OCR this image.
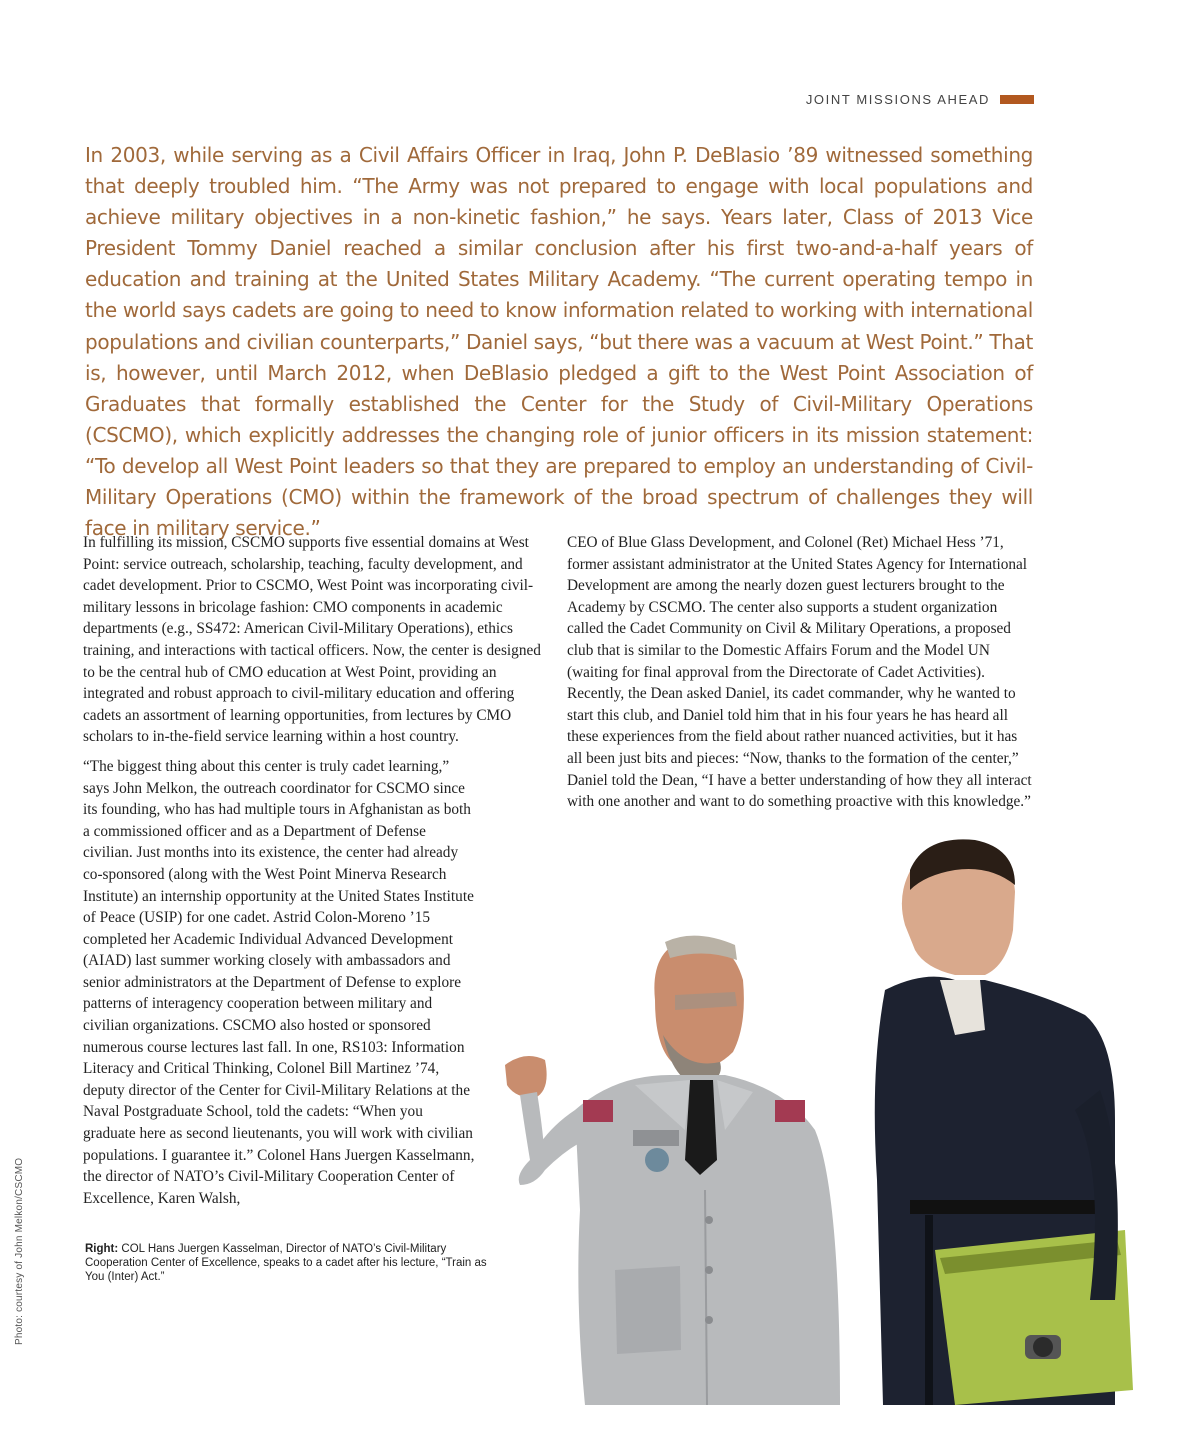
JOINT MISSIONS AHEAD

In 2003, while serving as a Civil Affairs Officer in Iraq, John P. DeBlasio ’89 witnessed something that deeply troubled him. “The Army was not prepared to engage with local populations and achieve military objectives in a non-kinetic fashion,” he says. Years later, Class of 2013 Vice President Tommy Daniel reached a similar conclusion after his first two-and-a-half years of education and training at the United States Military Academy. “The current operating tempo in the world says cadets are going to need to know information related to working with international populations and civilian counterparts,” Daniel says, “but there was a vacuum at West Point.” That is, however, until March 2012, when DeBlasio pledged a gift to the West Point Association of Graduates that formally established the Center for the Study of Civil-Military Operations (CSCMO), which explicitly addresses the changing role of junior officers in its mission statement: “To develop all West Point leaders so that they are prepared to employ an understanding of Civil-Military Operations (CMO) within the framework of the broad spectrum of challenges they will face in military service.”

In fulfilling its mission, CSCMO supports five essential domains at West Point: service outreach, scholarship, teaching, faculty development, and cadet development. Prior to CSCMO, West Point was incorporating civil-military lessons in bricolage fashion: CMO components in academic departments (e.g., SS472: American Civil-Military Operations), ethics training, and interactions with tactical officers. Now, the center is designed to be the central hub of CMO education at West Point, providing an integrated and robust approach to civil-military education and offering cadets an assortment of learning opportunities, from lectures by CMO scholars to in-the-field service learning within a host country.

“The biggest thing about this center is truly cadet learning,” says John Melkon, the outreach coordinator for CSCMO since its founding, who has had multiple tours in Afghanistan as both a commissioned officer and as a Department of Defense civilian. Just months into its existence, the center had already co-sponsored (along with the West Point Minerva Research Institute) an internship opportunity at the United States Institute of Peace (USIP) for one cadet. Astrid Colon-Moreno ’15 completed her Academic Individual Advanced Development (AIAD) last summer working closely with ambassadors and senior administrators at the Department of Defense to explore patterns of interagency cooperation between military and civilian organizations. CSCMO also hosted or sponsored numerous course lectures last fall. In one, RS103: Information Literacy and Critical Thinking, Colonel Bill Martinez ’74, deputy director of the Center for Civil-Military Relations at the Naval Postgraduate School, told the cadets: “When you graduate here as second lieutenants, you will work with civilian populations. I guarantee it.” Colonel Hans Juergen Kasselmann, the director of NATO’s Civil-Military Cooperation Center of Excellence, Karen Walsh,

CEO of Blue Glass Development, and Colonel (Ret) Michael Hess ’71, former assistant administrator at the United States Agency for International Development are among the nearly dozen guest lecturers brought to the Academy by CSCMO. The center also supports a student organization called the Cadet Community on Civil & Military Operations, a proposed club that is similar to the Domestic Affairs Forum and the Model UN (waiting for final approval from the Directorate of Cadet Activities). Recently, the Dean asked Daniel, its cadet commander, why he wanted to start this club, and Daniel told him that in his four years he has heard all these experiences from the field about rather nuanced activities, but it has all been just bits and pieces: “Now, thanks to the formation of the center,” Daniel told the Dean, “I have a better understanding of how they all interact with one another and want to do something proactive with this knowledge.”

Right: COL Hans Juergen Kasselman, Director of NATO’s Civil-Military Cooperation Center of Excellence, speaks to a cadet after his lecture, “Train as You (Inter) Act.”
Photo: courtesy of John Melkon/CSCMO
